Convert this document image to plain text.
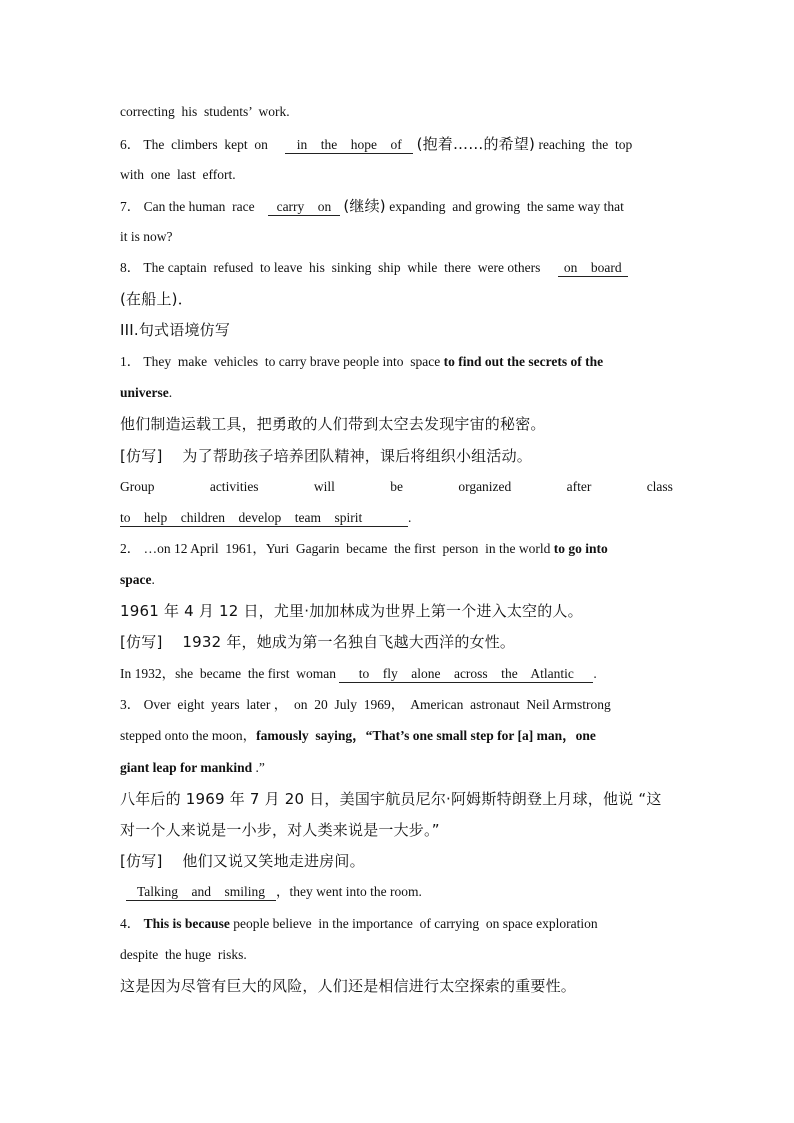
correcting  his  students’  work.
6． The  climbers  kept  on in    the    hope    of (抱着……的希望) reaching  the  top
with  one  last  effort.
7． Can the human  race carry    on (继续) expanding  and growing  the same way that
it is now?
8． The captain  refused  to leave  his  sinking  ship  while  there  were others on    board
(在船上)．
III.句式语境仿写
1． They  make  vehicles  to carry brave people into  space to find out the secrets of the
universe.
他们制造运载工具，把勇敢的人们带到太空去发现宇宙的秘密。
[仿写]    为了帮助孩子培养团队精神，课后将组织小组活动。
Group	activities	will	be	organized	after	class
to    help    children    develop    team    spirit	.
2． …on 12 April  1961，Yuri  Gagarin  became  the first  person  in the world to go into
space.
1961 年 4 月 12 日，尤里·加加林成为世界上第一个进入太空的人。
[仿写]    1932 年，她成为第一名独自飞越大西洋的女性。
In 1932，she  became  the first  woman to    fly    alone    across    the    Atlantic .
3． Over  eight  years  later ，  on  20  July  1969，  American  astronaut  Neil Armstrong
stepped onto the moon，famously  saying，“That’s one small step for [a] man，one
giant leap for mankind .”
八年后的 1969 年 7 月 20 日，美国宇航员尼尔·阿姆斯特朗登上月球，他说 “这
对一个人来说是一小步，对人类来说是一大步。”
[仿写]    他们又说又笑地走进房间。
Talking    and    smiling ，they went into the room.
4． This is because people believe  in the importance  of carrying  on space exploration
despite  the huge  risks.
这是因为尽管有巨大的风险，人们还是相信进行太空探索的重要性。
